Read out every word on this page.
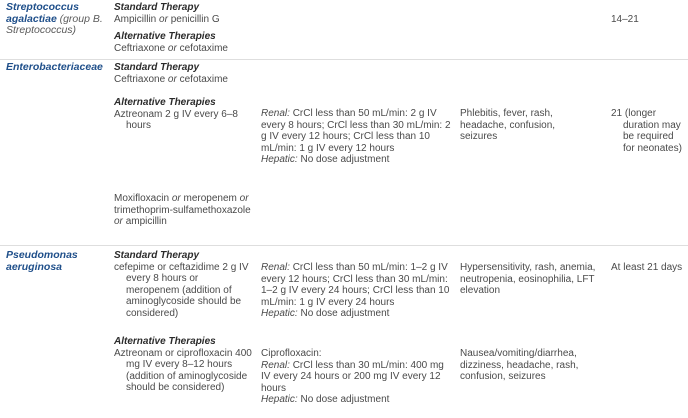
Streptococcus agalactiae (group B. Streptococcus)
Standard Therapy
Ampicillin or penicillin G
Alternative Therapies
Ceftriaxone or cefotaxime
14–21
Enterobacteriaceae	Standard Therapy
Ceftriaxone or cefotaxime
Alternative Therapies
Aztreonam 2 g IV every 6–8 hours
Renal: CrCl less than 50 mL/min: 2 g IV every 8 hours; CrCl less than 30 mL/min: 2 g IV every 12 hours; CrCl less than 10 mL/min: 1 g IV every 12 hours
Hepatic: No dose adjustment
Phlebitis, fever, rash, headache, confusion, seizures
21 (longer duration may be required for neonates)
Moxifloxacin or meropenem or trimethoprim-sulfamethoxazole or ampicillin
Pseudomonas aeruginosa
Standard Therapy
cefepime or ceftazidime 2 g IV every 8 hours or meropenem (addition of aminoglycoside should be considered)
Renal: CrCl less than 50 mL/min: 1–2 g IV every 12 hours; CrCl less than 30 mL/min: 1–2 g IV every 24 hours; CrCl less than 10 mL/min: 1 g IV every 24 hours
Hepatic: No dose adjustment
Hypersensitivity, rash, anemia, neutropenia, eosinophilia, LFT elevation
At least 21 days
Alternative Therapies
Aztreonam or ciprofloxacin 400 mg IV every 8–12 hours (addition of aminoglycoside should be considered)
Ciprofloxacin:
Renal: CrCl less than 30 mL/min: 400 mg IV every 24 hours or 200 mg IV every 12 hours
Hepatic: No dose adjustment
Nausea/vomiting/diarrhea, dizziness, headache, rash, confusion, seizures
